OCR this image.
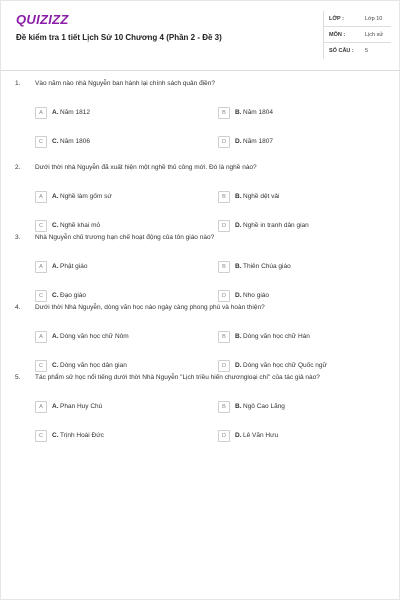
QUIZIZZ
Đề kiểm tra 1 tiết Lịch Sử 10 Chương 4 (Phần 2 - Đề 3)
LỚP :	Lớp 10
MÔN :	Lịch sử
SỐ CÂU : 5
1. Vào năm nào nhà Nguyễn ban hành lại chính sách quân điền?
A	A. Năm 1812	B	B. Năm 1804
C	C. Năm 1806	D	D. Năm 1807
2. Dưới thời nhà Nguyễn đã xuất hiện một nghề thủ công mới. Đó là nghề nào?
A	A. Nghề làm gốm sứ	B	B. Nghề dệt vải
C	C. Nghề khai mỏ	D	D. Nghề in tranh dân gian
3. Nhà Nguyễn chủ trương hạn chế hoạt động của tôn giáo nào?
A	A. Phật giáo	B	B. Thiên Chúa giáo
C	C. Đạo giáo	D	D. Nho giáo
4. Dưới thời Nhà Nguyễn, dòng văn học nào ngày càng phong phú và hoàn thiện?
A	A. Dòng văn học chữ Nôm	B	B. Dòng văn học chữ Hán
C	C. Dòng văn học dân gian	D	D. Dòng văn học chữ Quốc ngữ
5. Tác phẩm sử học nổi tiếng dưới thời Nhà Nguyễn "Lịch triều hiến chươngloại chí" của tác giả nào?
A	A. Phan Huy Chú	B	B. Ngô Cao Lãng
C	C. Trịnh Hoài Đức	D	D. Lê Văn Hưu
